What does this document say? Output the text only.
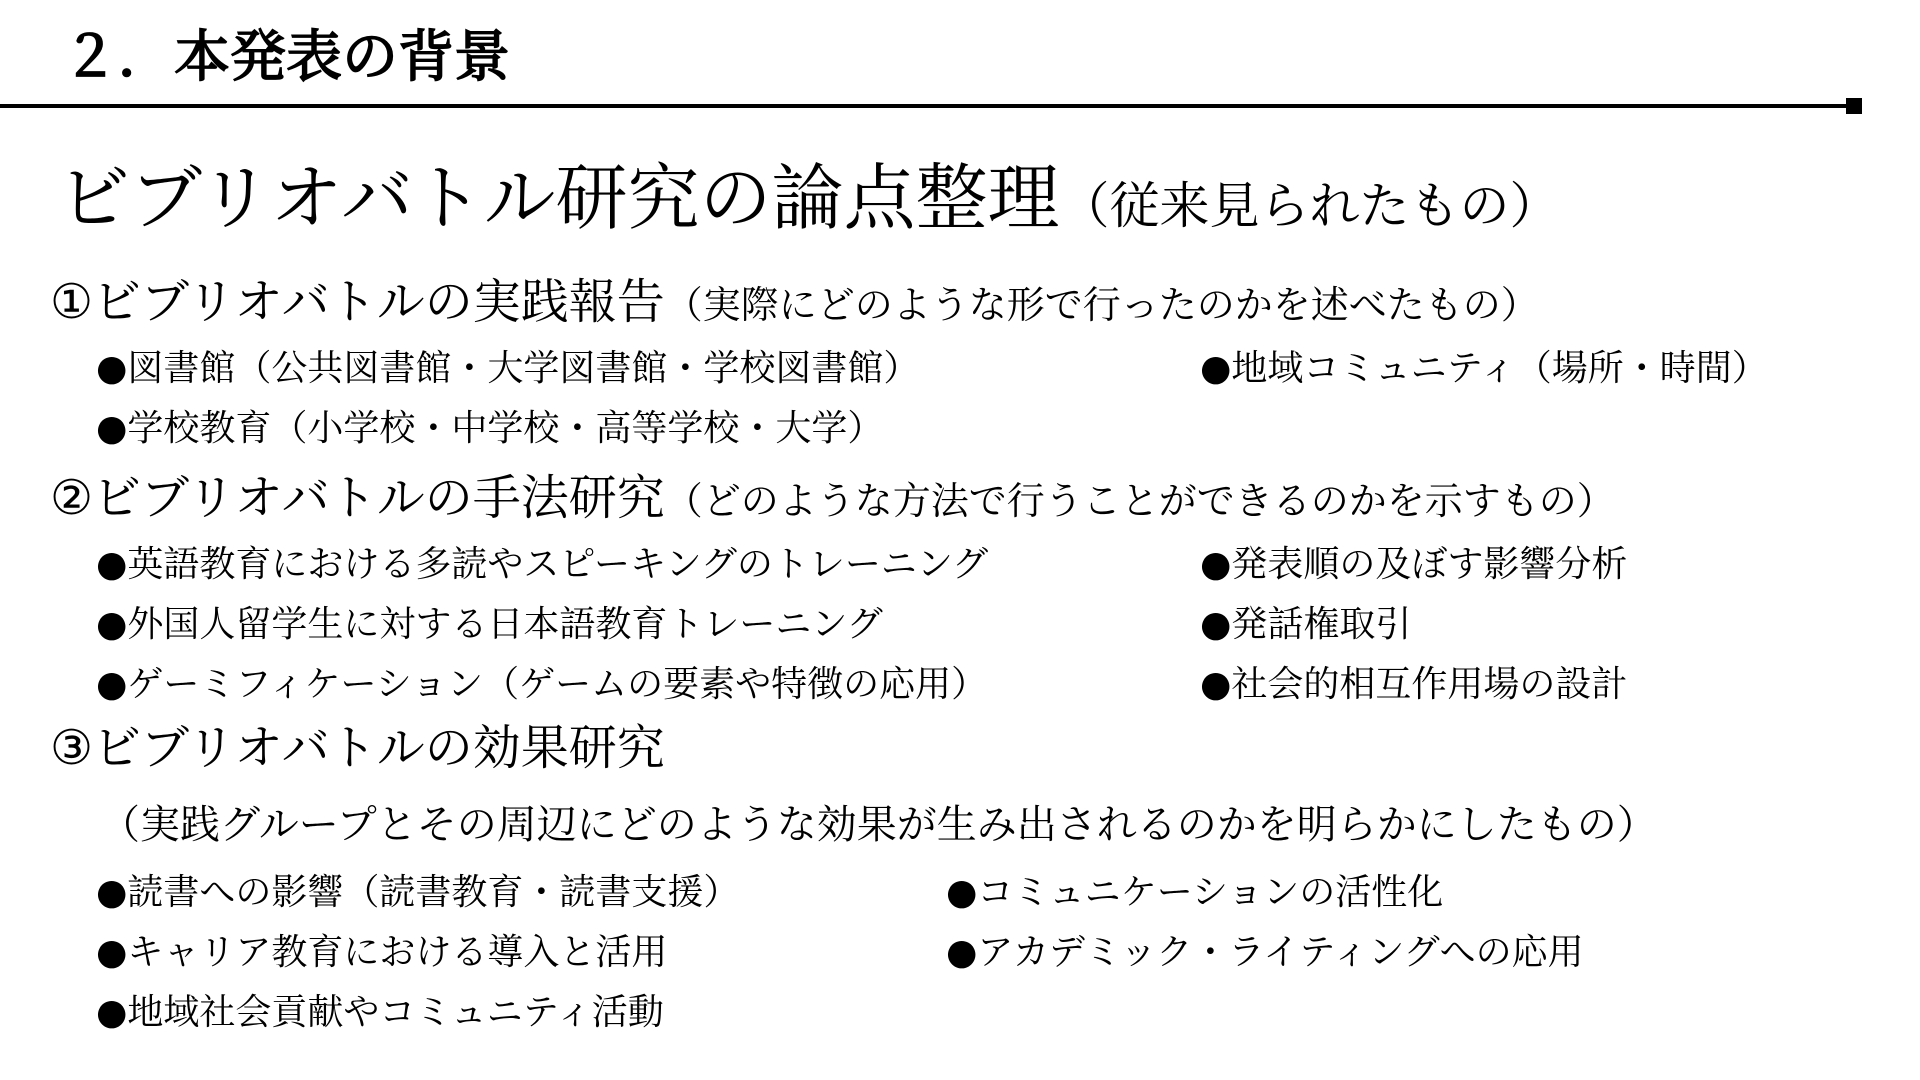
２．本発表の背景
ビブリオバトル研究の論点整理（従来見られたもの）
①ビブリオバトルの実践報告（実際にどのような形で行ったのかを述べたもの）
●図書館（公共図書館・大学図書館・学校図書館）	●地域コミュニティ（場所・時間）
●学校教育（小学校・中学校・高等学校・大学）
②ビブリオバトルの手法研究（どのような方法で行うことができるのかを示すもの）
●英語教育における多読やスピーキングのトレーニング	●発表順の及ぼす影響分析
●外国人留学生に対する日本語教育トレーニング	●発話権取引
●ゲーミフィケーション（ゲームの要素や特徴の応用）	●社会的相互作用場の設計
③ビブリオバトルの効果研究
（実践グループとその周辺にどのような効果が生み出されるのかを明らかにしたもの）
●読書への影響（読書教育・読書支援）	●コミュニケーションの活性化
●キャリア教育における導入と活用	●アカデミック・ライティングへの応用
●地域社会貢献やコミュニティ活動
